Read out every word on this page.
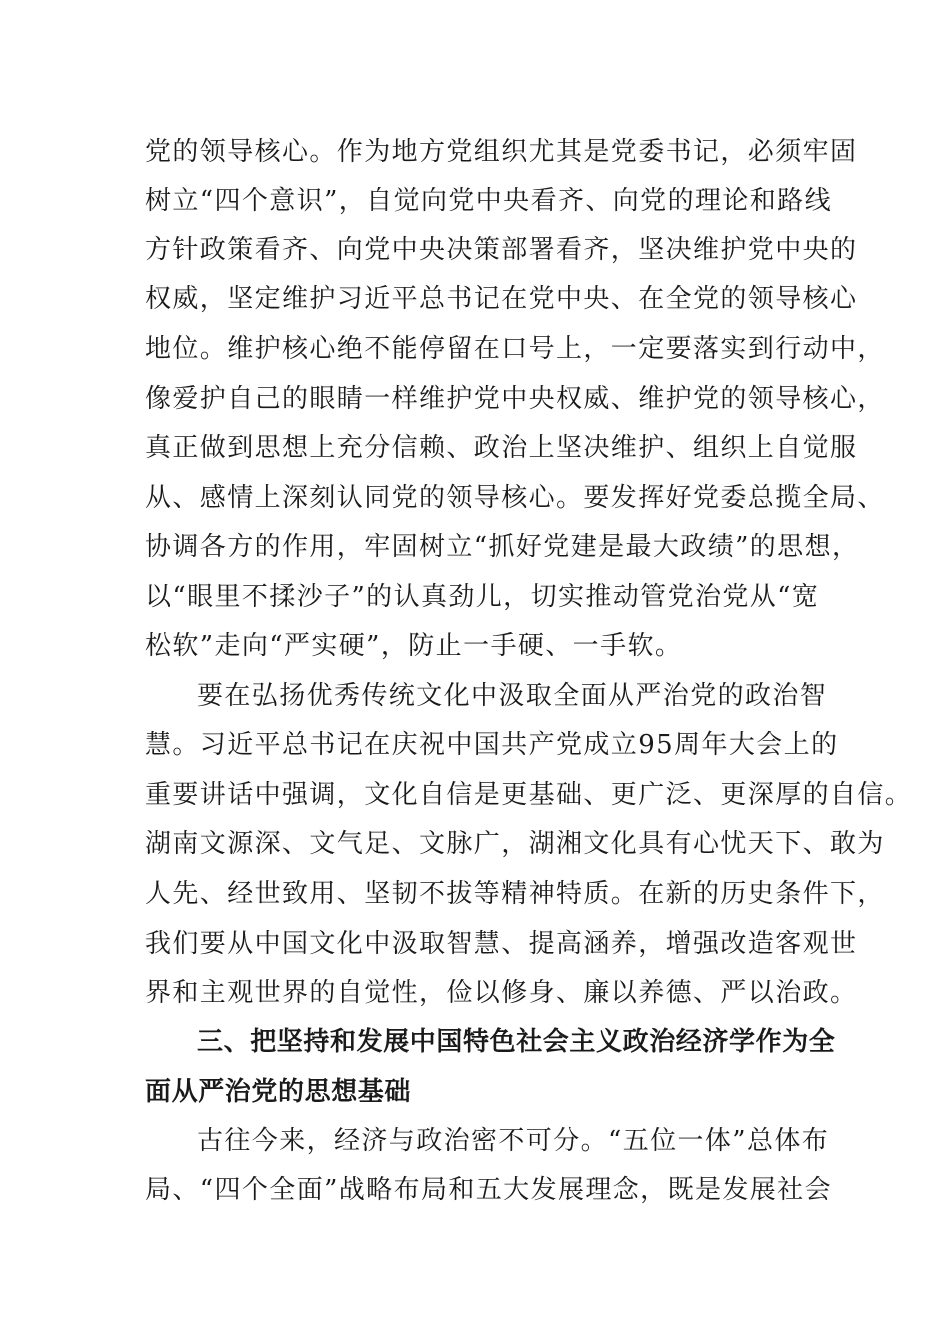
党的领导核心。作为地方党组织尤其是党委书记，必须牢固
树立“四个意识”，自觉向党中央看齐、向党的理论和路线
方针政策看齐、向党中央决策部署看齐，坚决维护党中央的
权威，坚定维护习近平总书记在党中央、在全党的领导核心
地位。维护核心绝不能停留在口号上，一定要落实到行动中，
像爱护自己的眼睛一样维护党中央权威、维护党的领导核心，
真正做到思想上充分信赖、政治上坚决维护、组织上自觉服
从、感情上深刻认同党的领导核心。要发挥好党委总揽全局、
协调各方的作用，牢固树立“抓好党建是最大政绩”的思想，
以“眼里不揉沙子”的认真劲儿，切实推动管党治党从“宽
松软”走向“严实硬”，防止一手硬、一手软。
要在弘扬优秀传统文化中汲取全面从严治党的政治智
慧。习近平总书记在庆祝中国共产党成立95周年大会上的
重要讲话中强调，文化自信是更基础、更广泛、更深厚的自信。
湖南文源深、文气足、文脉广，湖湘文化具有心忧天下、敢为
人先、经世致用、坚韧不拔等精神特质。在新的历史条件下，
我们要从中国文化中汲取智慧、提高涵养，增强改造客观世
界和主观世界的自觉性，俭以修身、廉以养德、严以治政。
三、把坚持和发展中国特色社会主义政治经济学作为全
面从严治党的思想基础
古往今来，经济与政治密不可分。“五位一体”总体布
局、“四个全面”战略布局和五大发展理念，既是发展社会
